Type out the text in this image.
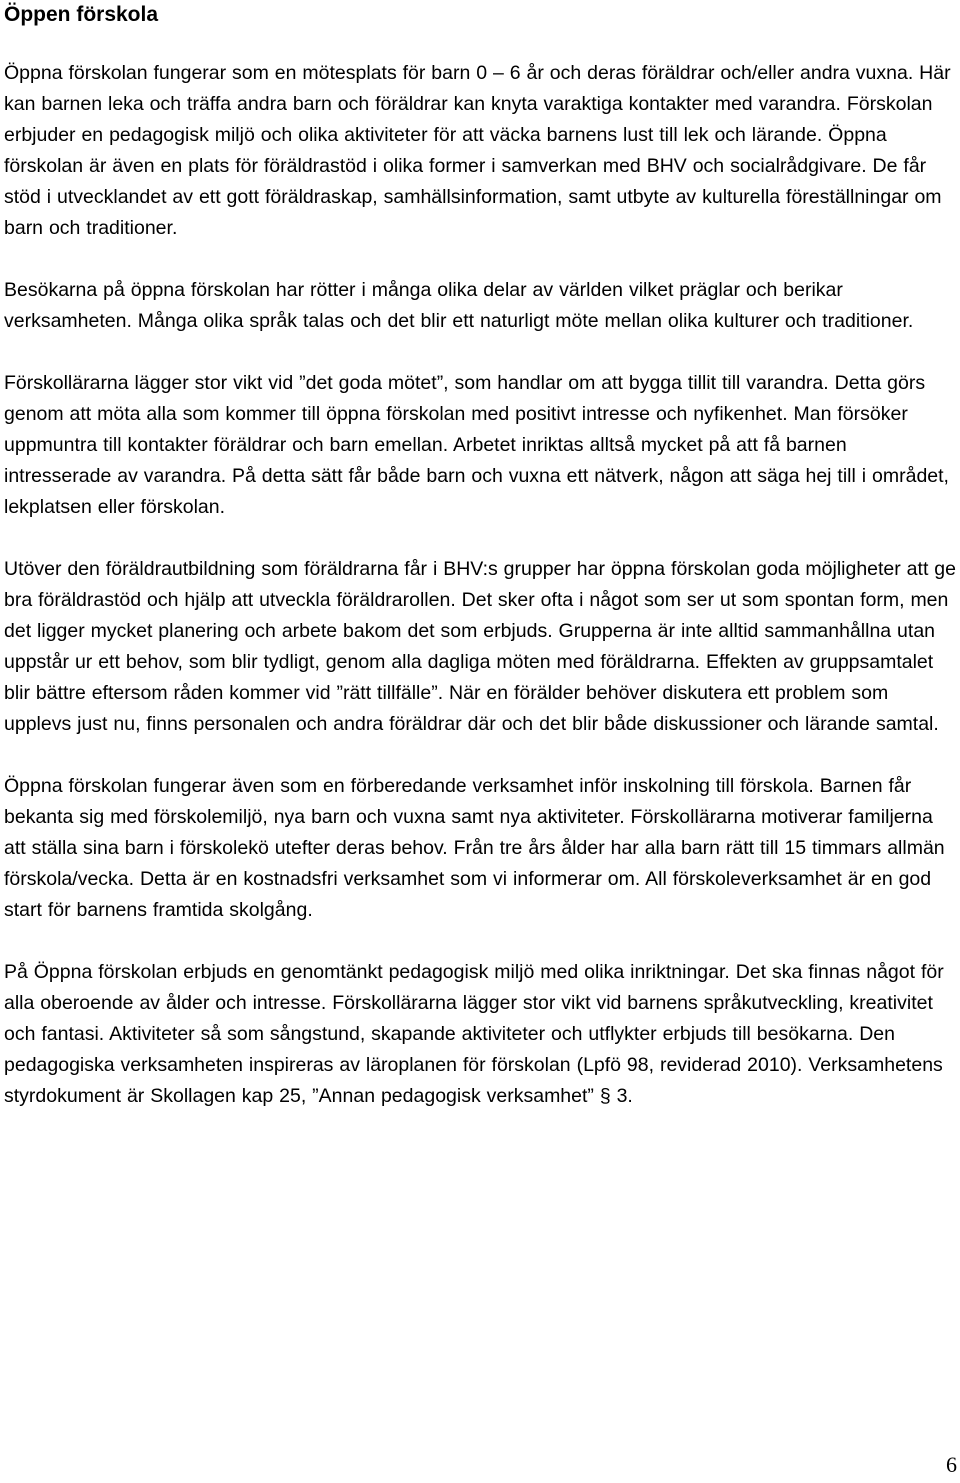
Öppen förskola

Öppna förskolan fungerar som en mötesplats för barn 0 – 6 år och deras föräldrar och/eller andra vuxna. Här kan barnen leka och träffa andra barn och föräldrar kan knyta varaktiga kontakter med varandra. Förskolan erbjuder en pedagogisk miljö och olika aktiviteter för att väcka barnens lust till lek och lärande. Öppna förskolan är även en plats för föräldrastöd i olika former i samverkan med BHV och socialrådgivare. De får stöd i utvecklandet av ett gott föräldraskap, samhällsinformation, samt utbyte av kulturella föreställningar om barn och traditioner.

Besökarna på öppna förskolan har rötter i många olika delar av världen vilket präglar och berikar verksamheten. Många olika språk talas och det blir ett naturligt möte mellan olika kulturer och traditioner.

Förskollärarna lägger stor vikt vid ”det goda mötet”, som handlar om att bygga tillit till varandra. Detta görs genom att möta alla som kommer till öppna förskolan med positivt intresse och nyfikenhet. Man försöker uppmuntra till kontakter föräldrar och barn emellan. Arbetet inriktas alltså mycket på att få barnen intresserade av varandra. På detta sätt får både barn och vuxna ett nätverk, någon att säga hej till i området, lekplatsen eller förskolan.

Utöver den föräldrautbildning som föräldrarna får i BHV:s grupper har öppna förskolan goda möjligheter att ge bra föräldrastöd och hjälp att utveckla föräldrarollen. Det sker ofta i något som ser ut som spontan form, men det ligger mycket planering och arbete bakom det som erbjuds. Grupperna är inte alltid sammanhållna utan uppstår ur ett behov, som blir tydligt, genom alla dagliga möten med föräldrarna. Effekten av gruppsamtalet blir bättre eftersom råden kommer vid ”rätt tillfälle”. När en förälder behöver diskutera ett problem som upplevs just nu, finns personalen och andra föräldrar där och det blir både diskussioner och lärande samtal.

Öppna förskolan fungerar även som en förberedande verksamhet inför inskolning till förskola. Barnen får bekanta sig med förskolemiljö, nya barn och vuxna samt nya aktiviteter. Förskollärarna motiverar familjerna att ställa sina barn i förskolekö utefter deras behov. Från tre års ålder har alla barn rätt till 15 timmars allmän förskola/vecka. Detta är en kostnadsfri verksamhet som vi informerar om. All förskoleverksamhet är en god start för barnens framtida skolgång.

På Öppna förskolan erbjuds en genomtänkt pedagogisk miljö med olika inriktningar. Det ska finnas något för alla oberoende av ålder och intresse. Förskollärarna lägger stor vikt vid barnens språkutveckling, kreativitet och fantasi. Aktiviteter så som sångstund, skapande aktiviteter och utflykter erbjuds till besökarna. Den pedagogiska verksamheten inspireras av läroplanen för förskolan (Lpfö 98, reviderad 2010). Verksamhetens styrdokument är Skollagen kap 25, ”Annan pedagogisk verksamhet” § 3.

6
